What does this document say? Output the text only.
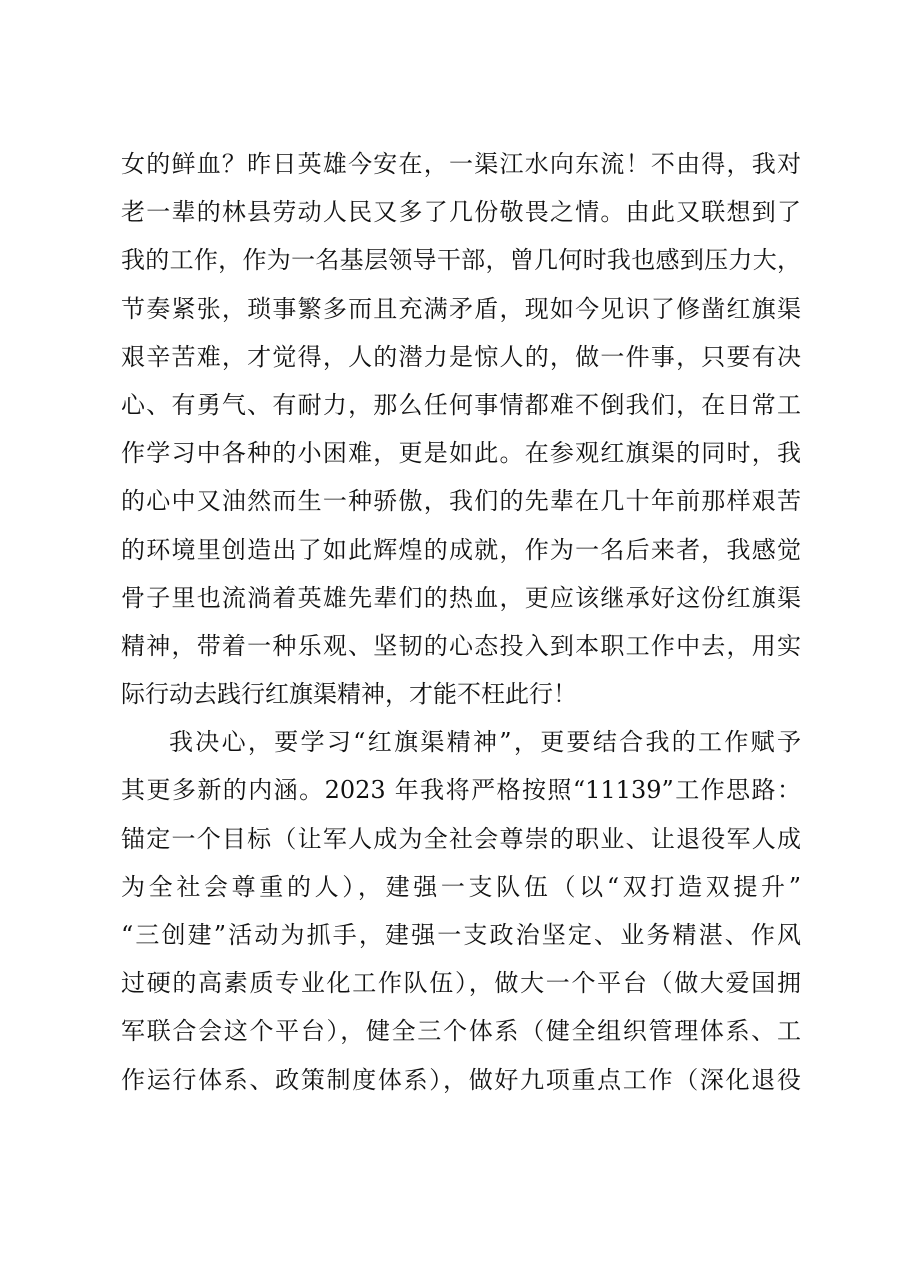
女的鲜血？昨日英雄今安在，一渠江水向东流！不由得，我对
老一辈的林县劳动人民又多了几份敬畏之情。由此又联想到了
我的工作，作为一名基层领导干部，曾几何时我也感到压力大，
节奏紧张，琐事繁多而且充满矛盾，现如今见识了修凿红旗渠
艰辛苦难，才觉得，人的潜力是惊人的，做一件事，只要有决
心、有勇气、有耐力，那么任何事情都难不倒我们，在日常工
作学习中各种的小困难，更是如此。在参观红旗渠的同时，我
的心中又油然而生一种骄傲，我们的先辈在几十年前那样艰苦
的环境里创造出了如此辉煌的成就，作为一名后来者，我感觉
骨子里也流淌着英雄先辈们的热血，更应该继承好这份红旗渠
精神，带着一种乐观、坚韧的心态投入到本职工作中去，用实
际行动去践行红旗渠精神，才能不枉此行！
我决心，要学习“红旗渠精神”，更要结合我的工作赋予
其更多新的内涵。2023 年我将严格按照“11139”工作思路：
锚定一个目标（让军人成为全社会尊崇的职业、让退役军人成
为全社会尊重的人），建强一支队伍（以“双打造双提升”
“三创建”活动为抓手，建强一支政治坚定、业务精湛、作风
过硬的高素质专业化工作队伍），做大一个平台（做大爱国拥
军联合会这个平台），健全三个体系（健全组织管理体系、工
作运行体系、政策制度体系），做好九项重点工作（深化退役
